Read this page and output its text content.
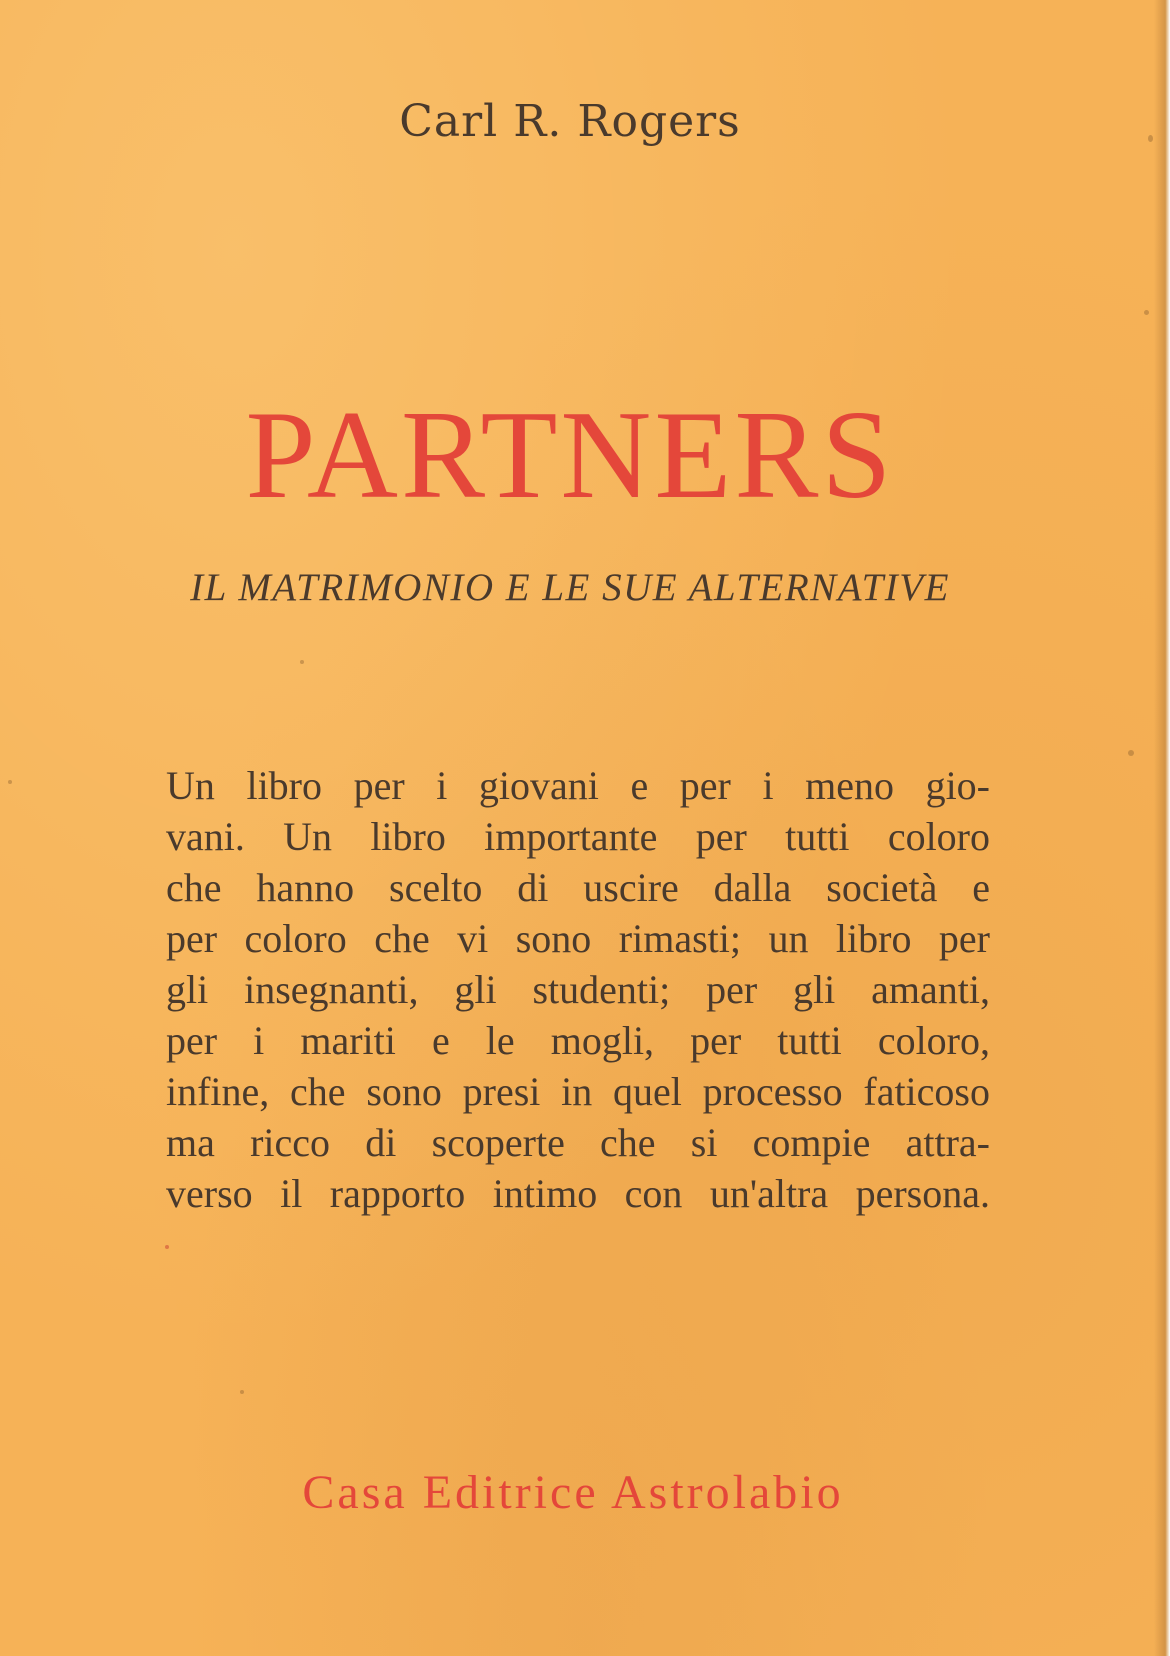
Carl R. Rogers
PARTNERS
IL MATRIMONIO E LE SUE ALTERNATIVE
Un libro per i giovani e per i meno gio-
vani. Un libro importante per tutti coloro
che hanno scelto di uscire dalla società e
per coloro che vi sono rimasti; un libro per
gli insegnanti, gli studenti; per gli amanti,
per i mariti e le mogli, per tutti coloro,
infine, che sono presi in quel processo faticoso
ma ricco di scoperte che si compie attra-
verso il rapporto intimo con un'altra persona.
Casa Editrice Astrolabio
